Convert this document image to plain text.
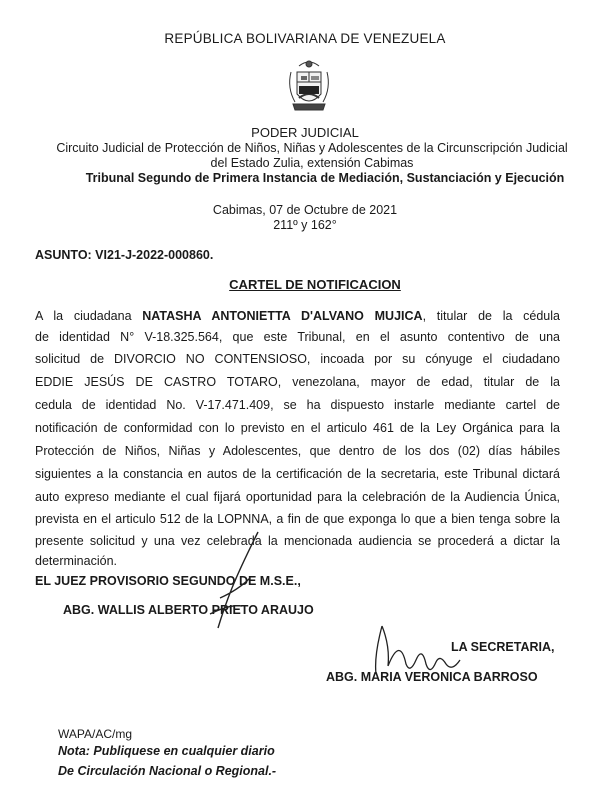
REPÚBLICA BOLIVARIANA DE VENEZUELA
PODER JUDICIAL
Circuito Judicial de Protección de Niños, Niñas y Adolescentes de la Circunscripción Judicial
del Estado Zulia, extensión Cabimas
Tribunal Segundo de Primera Instancia de Mediación, Sustanciación y Ejecución
Cabimas, 07 de Octubre de 2021
211º y 162°
ASUNTO: VI21-J-2022-000860.
CARTEL DE NOTIFICACION
A la ciudadana NATASHA ANTONIETTA D'ALVANO MUJICA, titular de la cédula
de identidad N° V-18.325.564, que este Tribunal, en el asunto contentivo de una
solicitud de DIVORCIO NO CONTENSIOSO, incoada por su cónyuge el ciudadano
EDDIE JESÚS DE CASTRO TOTARO, venezolana, mayor de edad, titular de la
cedula de identidad No. V-17.471.409, se ha dispuesto instarle mediante cartel de
notificación de conformidad con lo previsto en el articulo 461 de la Ley Orgánica para la
Protección de Niños, Niñas y Adolescentes, que dentro de los dos (02) días hábiles
siguientes a la constancia en autos de la certificación de la secretaria, este Tribunal dictará
auto expreso mediante el cual fijará oportunidad para la celebración de la Audiencia Única,
prevista en el articulo 512 de la LOPNNA, a fin de que exponga lo que a bien tenga sobre la
presente solicitud y una vez celebrada la mencionada audiencia se procederá a dictar la
determinación.
EL JUEZ PROVISORIO SEGUNDO DE M.S.E.,
ABG. WALLIS ALBERTO PRIETO ARAUJO
LA SECRETARIA,
ABG. MARIA VERONICA BARROSO
WAPA/AC/mg
Nota: Publiquese en cualquier diario
De Circulación Nacional o Regional.-
